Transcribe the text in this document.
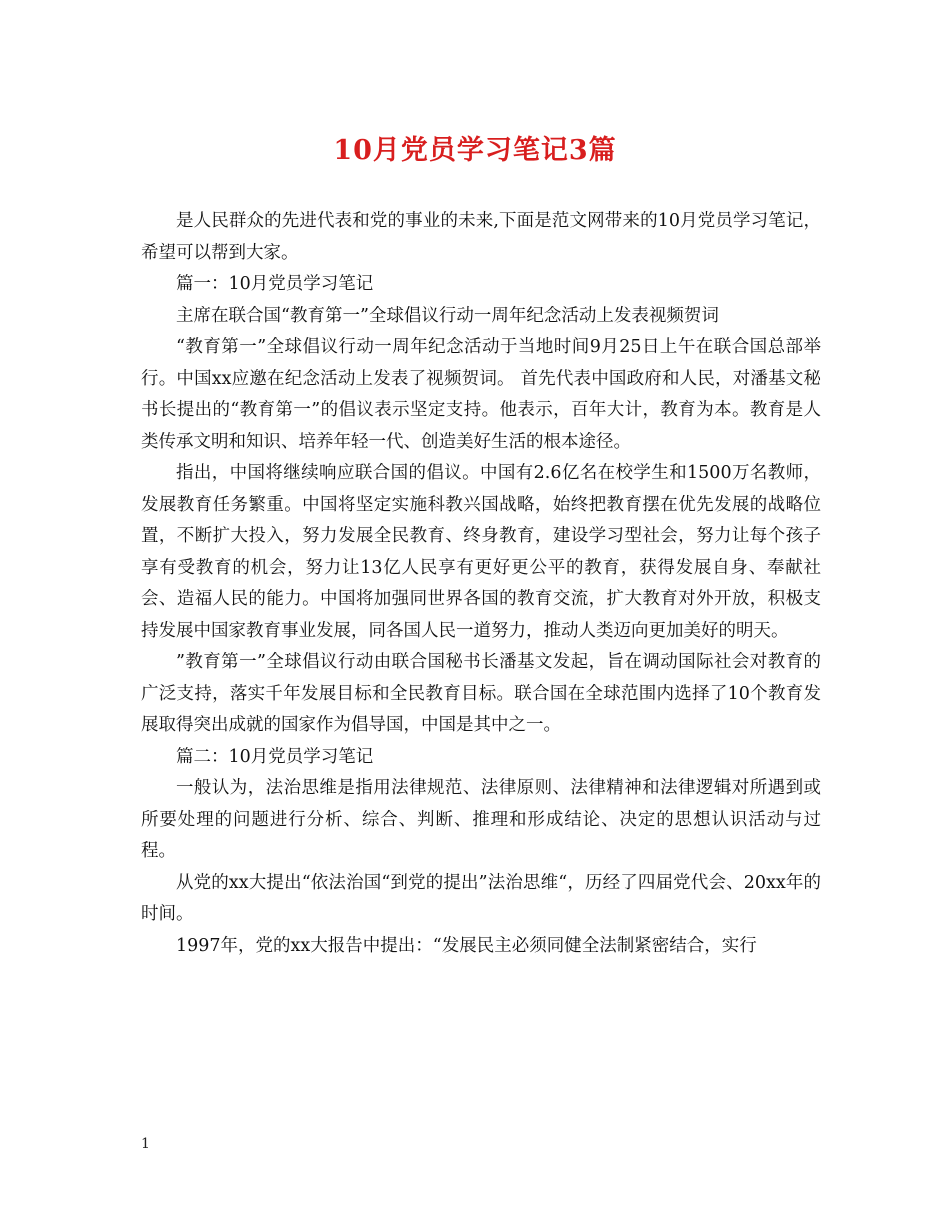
10月党员学习笔记3篇

是人民群众的先进代表和党的事业的未来,下面是范文网带来的10月党员学习笔记，希望可以帮到大家。

篇一：10月党员学习笔记

主席在联合国“教育第一”全球倡议行动一周年纪念活动上发表视频贺词

“教育第一”全球倡议行动一周年纪念活动于当地时间9月25日上午在联合国总部举行。中国xx应邀在纪念活动上发表了视频贺词。 首先代表中国政府和人民，对潘基文秘书长提出的“教育第一”的倡议表示坚定支持。他表示，百年大计，教育为本。教育是人类传承文明和知识、培养年轻一代、创造美好生活的根本途径。

指出，中国将继续响应联合国的倡议。中国有2.6亿名在校学生和1500万名教师，发展教育任务繁重。中国将坚定实施科教兴国战略，始终把教育摆在优先发展的战略位置，不断扩大投入，努力发展全民教育、终身教育，建设学习型社会，努力让每个孩子享有受教育的机会，努力让13亿人民享有更好更公平的教育，获得发展自身、奉献社会、造福人民的能力。中国将加强同世界各国的教育交流，扩大教育对外开放，积极支持发展中国家教育事业发展，同各国人民一道努力，推动人类迈向更加美好的明天。

”教育第一”全球倡议行动由联合国秘书长潘基文发起，旨在调动国际社会对教育的广泛支持，落实千年发展目标和全民教育目标。联合国在全球范围内选择了10个教育发展取得突出成就的国家作为倡导国，中国是其中之一。

篇二：10月党员学习笔记

一般认为，法治思维是指用法律规范、法律原则、法律精神和法律逻辑对所遇到或所要处理的问题进行分析、综合、判断、推理和形成结论、决定的思想认识活动与过程。

从党的xx大提出“依法治国“到党的提出”法治思维“，历经了四届党代会、20xx年的时间。

1997年，党的xx大报告中提出：“发展民主必须同健全法制紧密结合，实行

1
